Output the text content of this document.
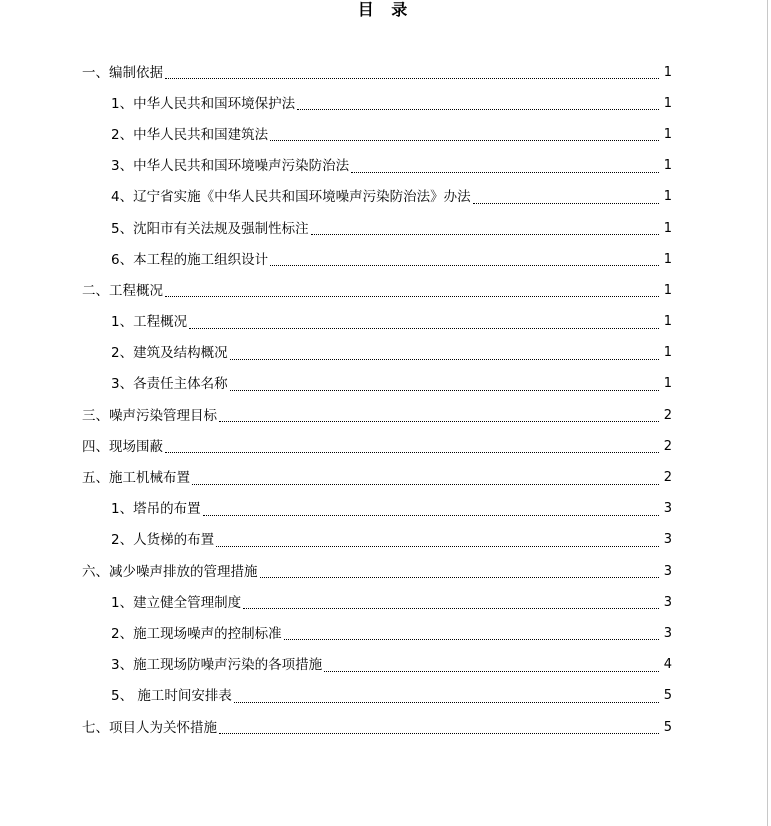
目 录
一、编制依据	1
1、中华人民共和国环境保护法	1
2、中华人民共和国建筑法	1
3、中华人民共和国环境噪声污染防治法	1
4、辽宁省实施《中华人民共和国环境噪声污染防治法》办法	1
5、沈阳市有关法规及强制性标注	1
6、本工程的施工组织设计	1
二、工程概况	1
1、工程概况	1
2、建筑及结构概况	1
3、各责任主体名称	1
三、噪声污染管理目标	2
四、现场围蔽	2
五、施工机械布置	2
1、塔吊的布置	3
2、人货梯的布置	3
六、减少噪声排放的管理措施	3
1、建立健全管理制度	3
2、施工现场噪声的控制标准	3
3、施工现场防噪声污染的各项措施	4
5、 施工时间安排表	5
七、项目人为关怀措施	5
